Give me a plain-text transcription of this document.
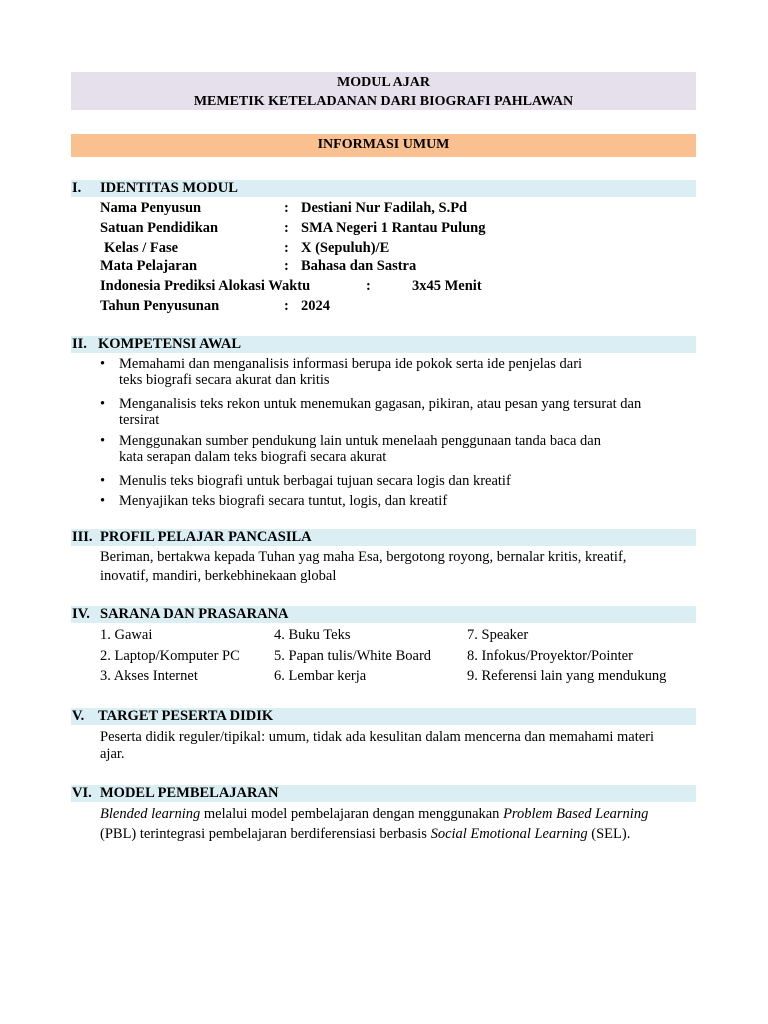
MODUL AJAR
MEMETIK KETELADANAN DARI BIOGRAFI PAHLAWAN
INFORMASI UMUM
I. IDENTITAS MODUL
Nama Penyusun	: Destiani Nur Fadilah, S.Pd
Satuan Pendidikan	: SMA Negeri 1 Rantau Pulung
Kelas / Fase	: X (Sepuluh)/E
Mata Pelajaran	: Bahasa dan Sastra
Indonesia Prediksi Alokasi Waktu	:	3x45 Menit
Tahun Penyusunan	: 2024
II. KOMPETENSI AWAL
• Memahami dan menganalisis informasi berupa ide pokok serta ide penjelas dari
teks biografi secara akurat dan kritis
• Menganalisis teks rekon untuk menemukan gagasan, pikiran, atau pesan yang tersurat dan
tersirat
• Menggunakan sumber pendukung lain untuk menelaah penggunaan tanda baca dan
kata serapan dalam teks biografi secara akurat
• Menulis teks biografi untuk berbagai tujuan secara logis dan kreatif
• Menyajikan teks biografi secara tuntut, logis, dan kreatif
III. PROFIL PELAJAR PANCASILA
Beriman, bertakwa kepada Tuhan yag maha Esa, bergotong royong, bernalar kritis, kreatif,
inovatif, mandiri, berkebhinekaan global
IV. SARANA DAN PRASARANA
1. Gawai	4. Buku Teks	7. Speaker
2. Laptop/Komputer PC 5. Papan tulis/White Board 8. Infokus/Proyektor/Pointer
3. Akses Internet	6. Lembar kerja	9. Referensi lain yang mendukung
V. TARGET PESERTA DIDIK
Peserta didik reguler/tipikal: umum, tidak ada kesulitan dalam mencerna dan memahami materi
ajar.
VI. MODEL PEMBELAJARAN
Blended learning melalui model pembelajaran dengan menggunakan Problem Based Learning
(PBL) terintegrasi pembelajaran berdiferensiasi berbasis Social Emotional Learning (SEL).
